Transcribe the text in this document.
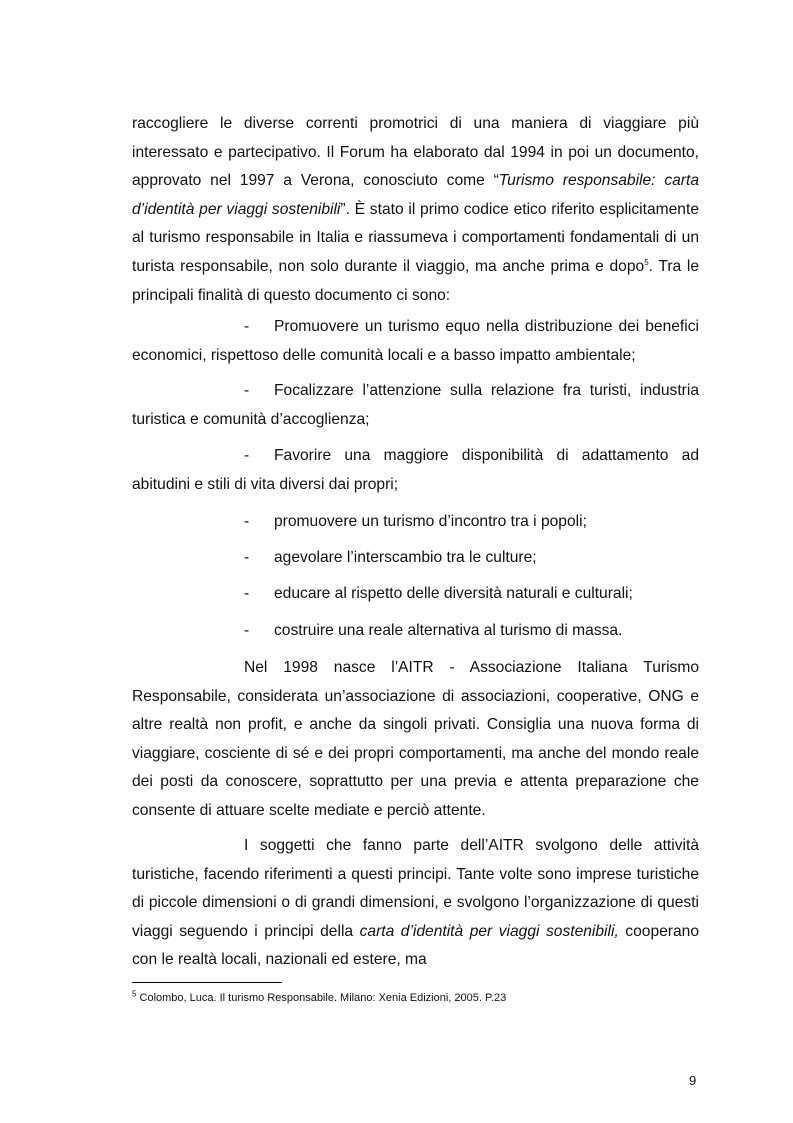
raccogliere le diverse correnti promotrici di una maniera di viaggiare più interessato e partecipativo. Il Forum ha elaborato dal 1994 in poi un documento, approvato nel 1997 a Verona, conosciuto come “Turismo responsabile: carta d’identità per viaggi sostenibili”. È stato il primo codice etico riferito esplicitamente al turismo responsabile in Italia e riassumeva i comportamenti fondamentali di un turista responsabile, non solo durante il viaggio, ma anche prima e dopo$^5$. Tra le principali finalità di questo documento ci sono:
- Promuovere un turismo equo nella distribuzione dei benefici economici, rispettoso delle comunità locali e a basso impatto ambientale;
- Focalizzare l’attenzione sulla relazione fra turisti, industria turistica e comunità d’accoglienza;
- Favorire una maggiore disponibilità di adattamento ad abitudini e stili di vita diversi dai propri;
- promuovere un turismo d’incontro tra i popoli;
- agevolare l’interscambio tra le culture;
- educare al rispetto delle diversità naturali e culturali;
- costruire una reale alternativa al turismo di massa.
Nel 1998 nasce l’AITR - Associazione Italiana Turismo Responsabile, considerata un’associazione di associazioni, cooperative, ONG e altre realtà non profit, e anche da singoli privati. Consiglia una nuova forma di viaggiare, cosciente di sé e dei propri comportamenti, ma anche del mondo reale dei posti da conoscere, soprattutto per una previa e attenta preparazione che consente di attuare scelte mediate e perciò attente.
I soggetti che fanno parte dell’AITR svolgono delle attività turistiche, facendo riferimenti a questi principi. Tante volte sono imprese turistiche di piccole dimensioni o di grandi dimensioni, e svolgono l’organizzazione di questi viaggi seguendo i principi della carta d’identità per viaggi sostenibili, cooperano con le realtà locali, nazionali ed estere, ma
$^5$ Colombo, Luca. Il turismo Responsabile. Milano: Xenia Edizioni, 2005. P.23
9
